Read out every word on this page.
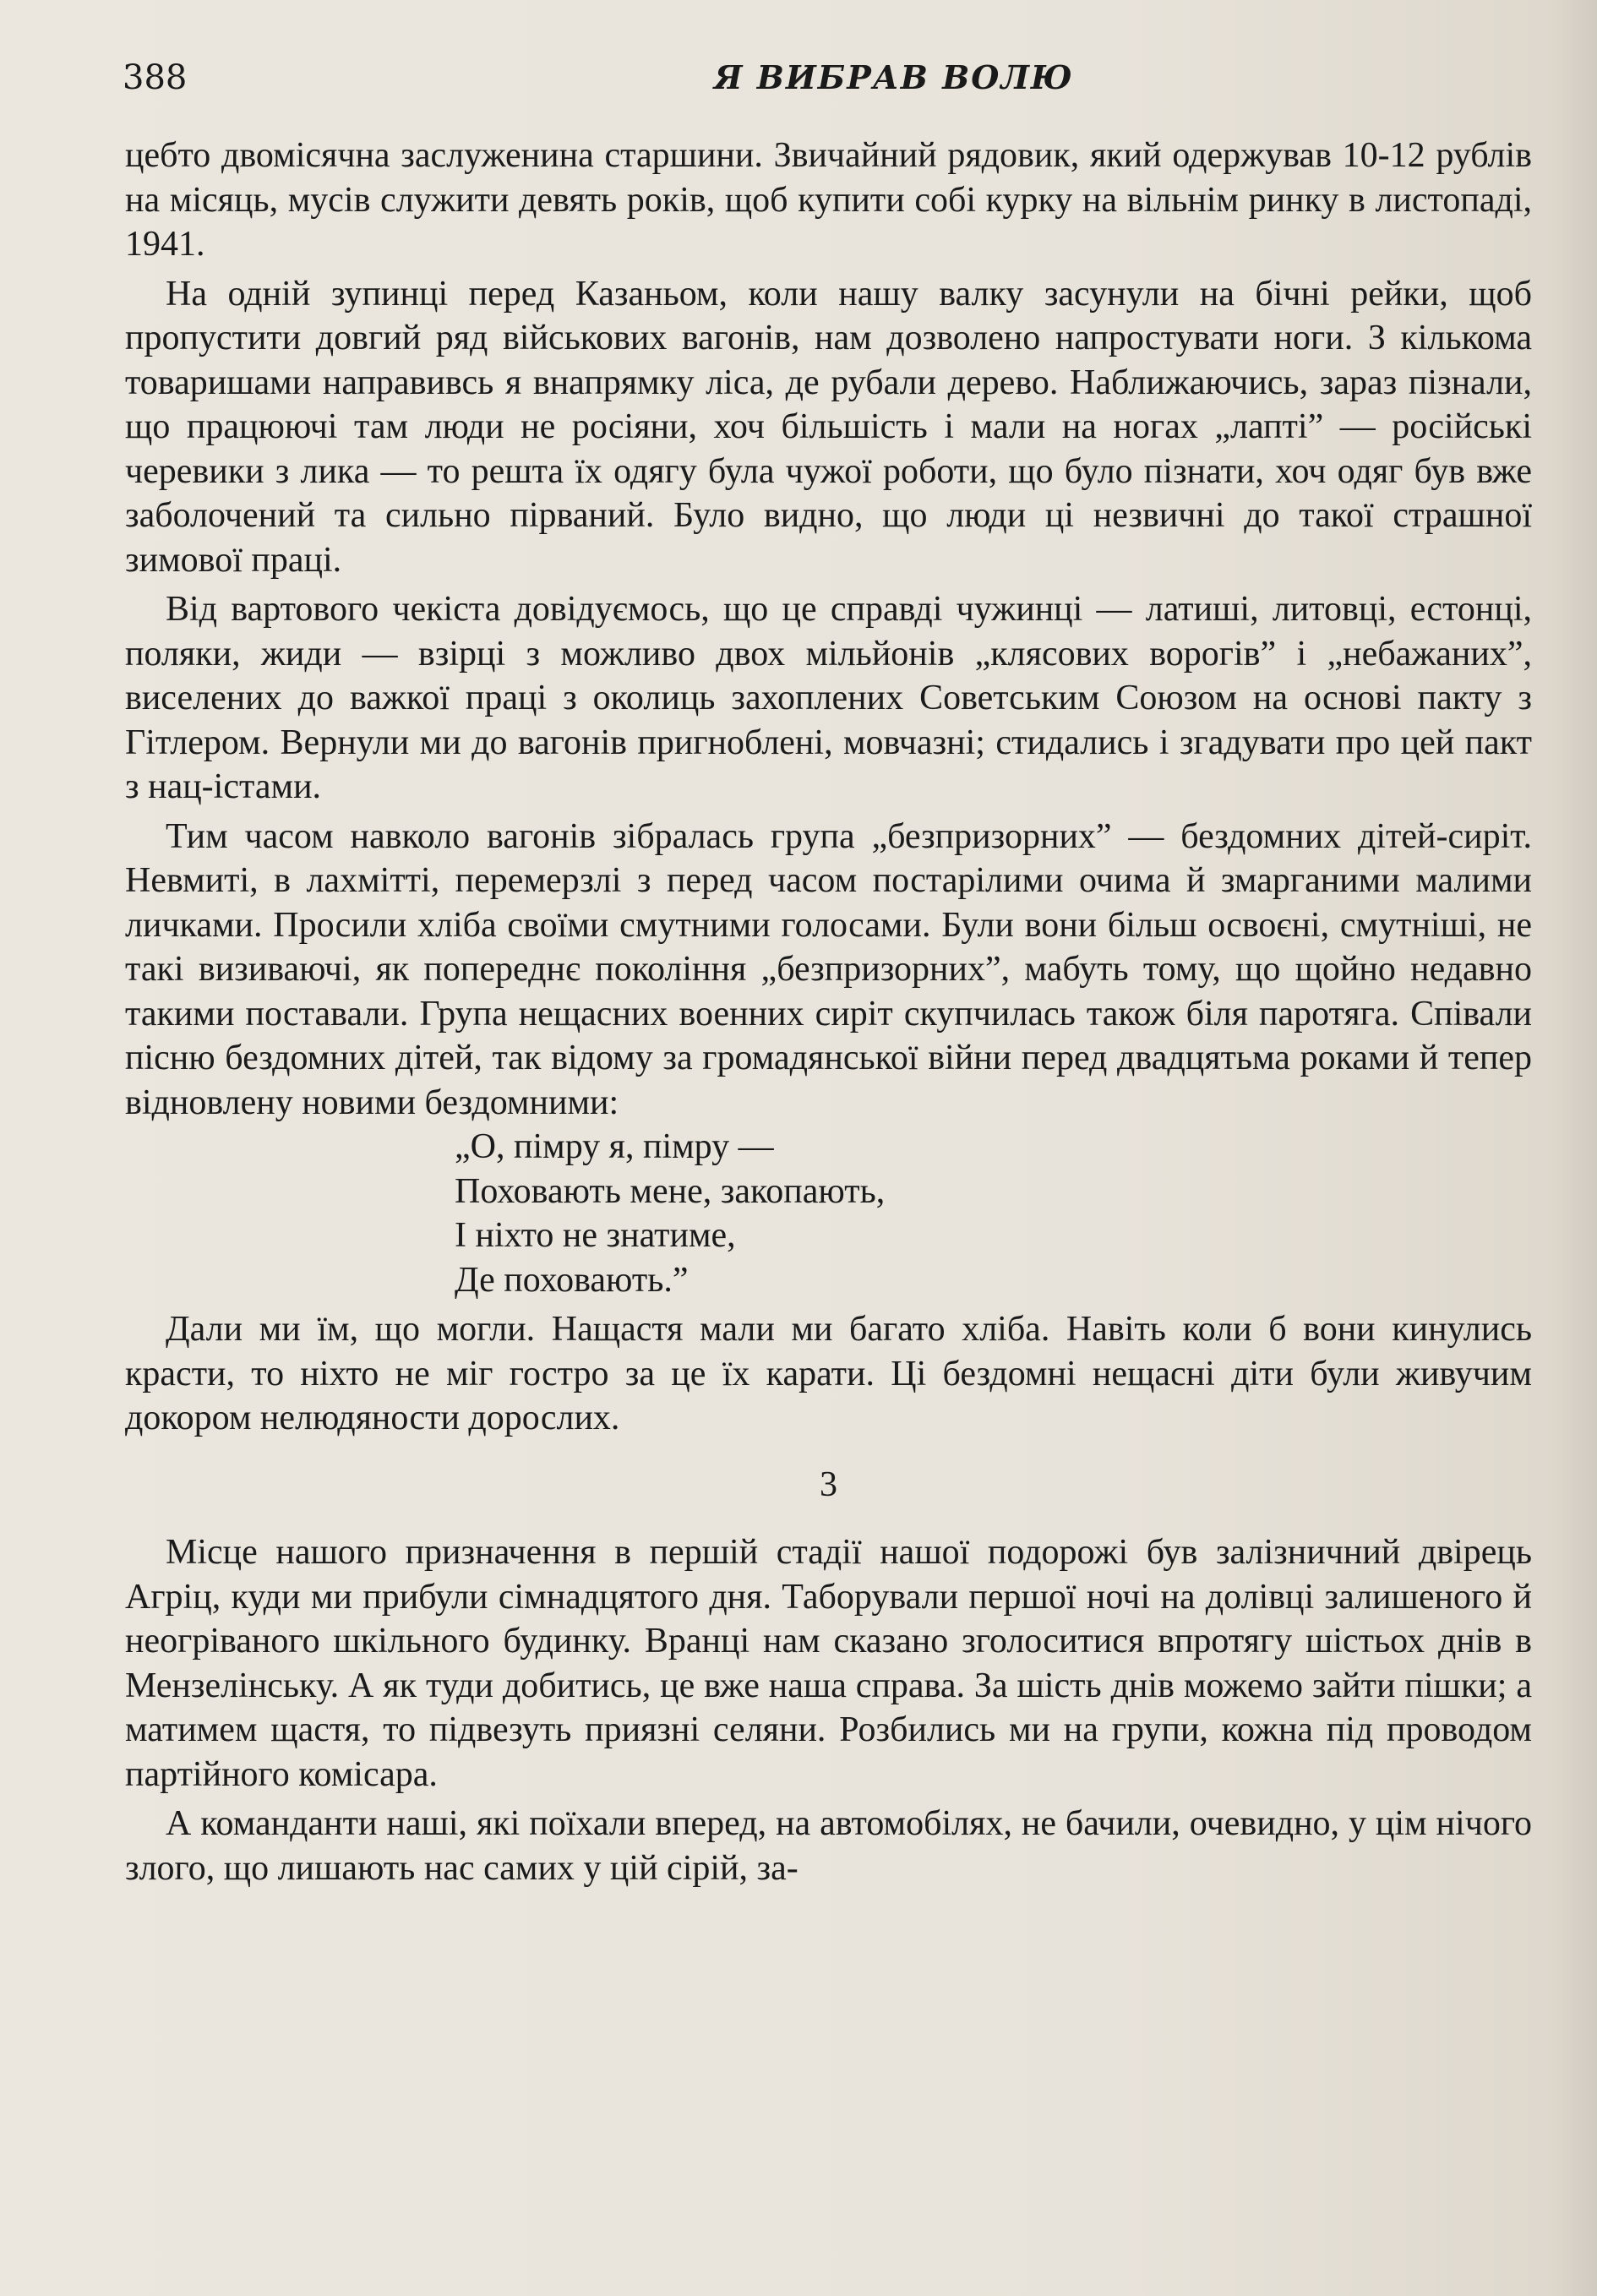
388	Я ВИБРАВ ВОЛЮ

цебто двомісячна заслуженина старшини. Звичайний рядовик, який одержував 10-12 рублів на місяць, мусів служити девять років, щоб купити собі курку на вільнім ринку в листопаді, 1941.

На одній зупинці перед Казаньом, коли нашу валку засунули на бічні рейки, щоб пропустити довгий ряд військових вагонів, нам дозволено напростувати ноги. З кількома товаришами направивсь я внапрямку ліса, де рубали дерево. Наближаючись, зараз пізнали, що працюючі там люди не росіяни, хоч більшість і мали на ногах „лапті” — російські черевики з лика — то решта їх одягу була чужої роботи, що було пізнати, хоч одяг був вже заболочений та сильно пірваний. Було видно, що люди ці незвичні до такої страшної зимової праці.

Від вартового чекіста довідуємось, що це справді чужинці — латиші, литовці, естонці, поляки, жиди — взірці з можливо двох мільйонів „клясових ворогів” і „небажаних”, виселених до важкої праці з околиць захоплених Советським Союзом на основі пакту з Гітлером. Вернули ми до вагонів пригноблені, мовчазні; стидались і згадувати про цей пакт з нац-істами.

Тим часом навколо вагонів зібралась група „безпризорних” — бездомних дітей-сиріт. Невмиті, в лахмітті, перемерзлі з перед часом постарілими очима й змарганими малими личками. Просили хліба своїми смутними голосами. Були вони більш освоєні, смутніші, не такі визиваючі, як попереднє покоління „безпризорних”, мабуть тому, що щойно недавно такими поставали. Група нещасних военних сиріт скупчилась також біля паротяга. Співали пісню бездомних дітей, так відому за громадянської війни перед двадцятьма роками й тепер відновлену новими бездомними:

„О, пімру я, пімру —
Поховають мене, закопають,
І ніхто не знатиме,
Де поховають.”

Дали ми їм, що могли. Нащастя мали ми багато хліба. Навіть коли б вони кинулись красти, то ніхто не міг гостро за це їх карати. Ці бездомні нещасні діти були живучим докором нелюдяности дорослих.

3

Місце нашого призначення в першій стадії нашої подорожі був залізничний двірець Агріц, куди ми прибули сімнадцятого дня. Таборували першої ночі на долівці залишеного й неогріваного шкільного будинку. Вранці нам сказано зголоситися впротягу шістьох днів в Мензелінську. А як туди добитись, це вже наша справа. За шість днів можемо зайти пішки; а матимем щастя, то підвезуть приязні селяни. Розбились ми на групи, кожна під проводом партійного комісара.

А команданти наші, які поїхали вперед, на автомобілях, не бачили, очевидно, у цім нічого злого, що лишають нас самих у цій сірій, за-
